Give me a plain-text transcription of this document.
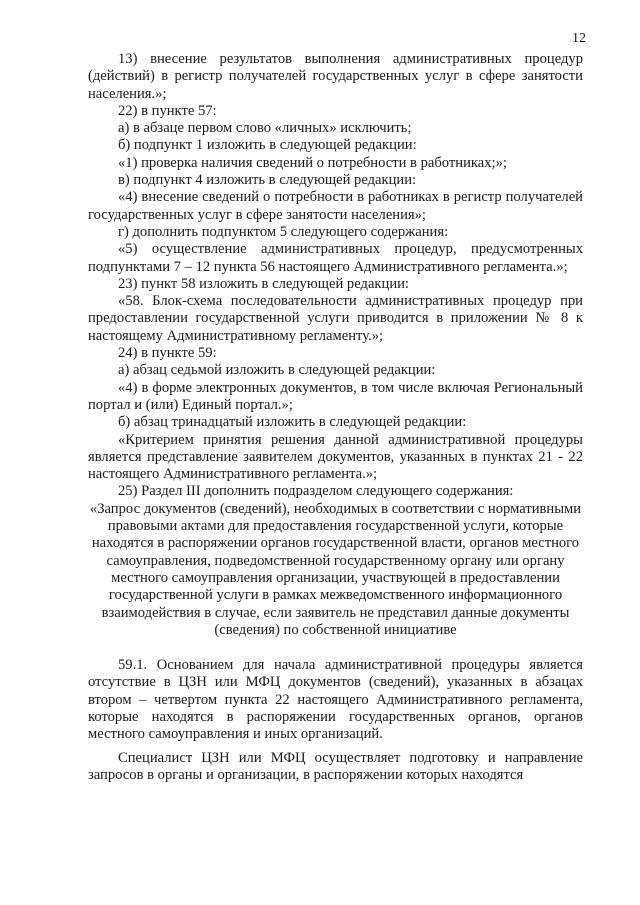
12

13) внесение результатов выполнения административных процедур (действий) в регистр получателей государственных услуг в сфере занятости населения.»;

22) в пункте 57:

а) в абзаце первом слово «личных» исключить;

б) подпункт 1 изложить в следующей редакции:

«1) проверка наличия сведений о потребности в работниках;»;

в) подпункт 4 изложить в следующей редакции:

«4) внесение сведений о потребности в работниках в регистр получателей государственных услуг в сфере занятости населения»;

г) дополнить подпунктом 5 следующего содержания:

«5) осуществление административных процедур, предусмотренных подпунктами 7 – 12 пункта 56 настоящего Административного регламента.»;

23) пункт 58 изложить в следующей редакции:

«58. Блок-схема последовательности административных процедур при предоставлении государственной услуги приводится в приложении № 8 к настоящему Административному регламенту.»;

24) в пункте 59:

а) абзац седьмой изложить в следующей редакции:

«4) в форме электронных документов, в том числе включая Региональный портал и (или) Единый портал.»;

б) абзац тринадцатый изложить в следующей редакции:

«Критерием принятия решения данной административной процедуры является представление заявителем документов, указанных в пунктах 21 - 22 настоящего Административного регламента.»;

25) Раздел III дополнить подразделом следующего содержания:

«Запрос документов (сведений), необходимых в соответствии с нормативными правовыми актами для предоставления государственной услуги, которые находятся в распоряжении органов государственной власти, органов местного самоуправления, подведомственной государственному органу или органу местного самоуправления организации, участвующей в предоставлении государственной услуги в рамках межведомственного информационного взаимодействия в случае, если заявитель не представил данные документы (сведения) по собственной инициативе

59.1. Основанием для начала административной процедуры является отсутствие в ЦЗН или МФЦ документов (сведений), указанных в абзацах втором – четвертом пункта 22 настоящего Административного регламента, которые находятся в распоряжении государственных органов, органов местного самоуправления и иных организаций.

Специалист ЦЗН или МФЦ осуществляет подготовку и направление запросов в органы и организации, в распоряжении которых находятся
